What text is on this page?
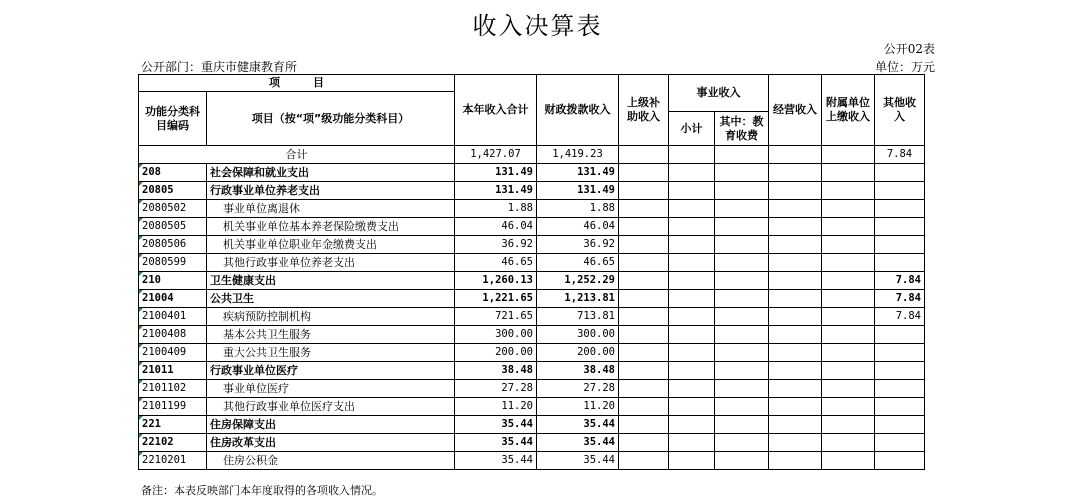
收入决算表
公开02表
公开部门：重庆市健康教育所	单位：万元
项　　　目		本年收入合计	财政拨款收入	上级补助收入	事业收入		经营收入	附属单位上缴收入	其他收入
功能分类科目编码	项目（按“项”级功能分类科目）								
					小计	其中：教育收费			
合计		1,427.07	1,419.23						7.84
208	社会保障和就业支出	131.49	131.49						
20805	行政事业单位养老支出	131.49	131.49						
2080502	事业单位离退休	1.88	1.88						
2080505	机关事业单位基本养老保险缴费支出	46.04	46.04						
2080506	机关事业单位职业年金缴费支出	36.92	36.92						
2080599	其他行政事业单位养老支出	46.65	46.65						
210	卫生健康支出	1,260.13	1,252.29						7.84
21004	公共卫生	1,221.65	1,213.81						7.84
2100401	疾病预防控制机构	721.65	713.81						7.84
2100408	基本公共卫生服务	300.00	300.00						
2100409	重大公共卫生服务	200.00	200.00						
21011	行政事业单位医疗	38.48	38.48						
2101102	事业单位医疗	27.28	27.28						
2101199	其他行政事业单位医疗支出	11.20	11.20						
221	住房保障支出	35.44	35.44						
22102	住房改革支出	35.44	35.44						
2210201	住房公积金	35.44	35.44						
备注：本表反映部门本年度取得的各项收入情况。
